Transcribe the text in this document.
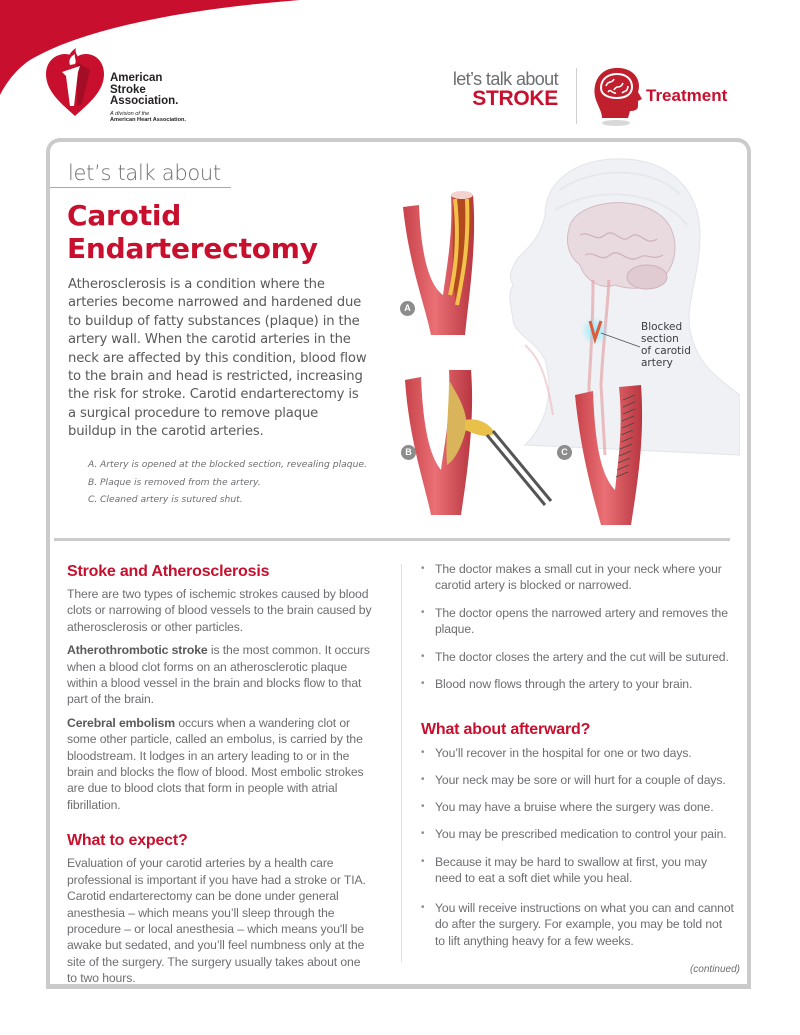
American
Stroke
Association.
A division of the
American Heart Association.
let’s talk about
STROKE	Treatment
let’s talk about
Carotid
Endarterectomy
Atherosclerosis is a condition where the arteries become narrowed and hardened due to buildup of fatty substances (plaque) in the artery wall. When the carotid arteries in the neck are affected by this condition, blood flow to the brain and head is restricted, increasing the risk for stroke. Carotid endarterectomy is a surgical procedure to remove plaque buildup in the carotid arteries.
A. Artery is opened at the blocked section, revealing plaque.
B. Plaque is removed from the artery.
C. Cleaned artery is sutured shut.
A
B	C
Blocked
section
of carotid
artery
Stroke and Atherosclerosis

There are two types of ischemic strokes caused by blood clots or narrowing of blood vessels to the brain caused by atherosclerosis or other particles.

Atherothrombotic stroke is the most common. It occurs when a blood clot forms on an atherosclerotic plaque within a blood vessel in the brain and blocks flow to that part of the brain.

Cerebral embolism occurs when a wandering clot or some other particle, called an embolus, is carried by the bloodstream. It lodges in an artery leading to or in the brain and blocks the flow of blood. Most embolic strokes are due to blood clots that form in people with atrial fibrillation.

What to expect?

Evaluation of your carotid arteries by a health care professional is important if you have had a stroke or TIA. Carotid endarterectomy can be done under general anesthesia – which means you’ll sleep through the procedure – or local anesthesia – which means you'll be awake but sedated, and you’ll feel numbness only at the site of the surgery. The surgery usually takes about one to two hours.

• The doctor makes a small cut in your neck where your carotid artery is blocked or narrowed.
• The doctor opens the narrowed artery and removes the plaque.
• The doctor closes the artery and the cut will be sutured.
• Blood now flows through the artery to your brain.
What about afterward?
• You’ll recover in the hospital for one or two days.
• Your neck may be sore or will hurt for a couple of days.
• You may have a bruise where the surgery was done.
• You may be prescribed medication to control your pain.
• Because it may be hard to swallow at first, you may need to eat a soft diet while you heal.
• You will receive instructions on what you can and cannot do after the surgery. For example, you may be told not to lift anything heavy for a few weeks.
(continued)
